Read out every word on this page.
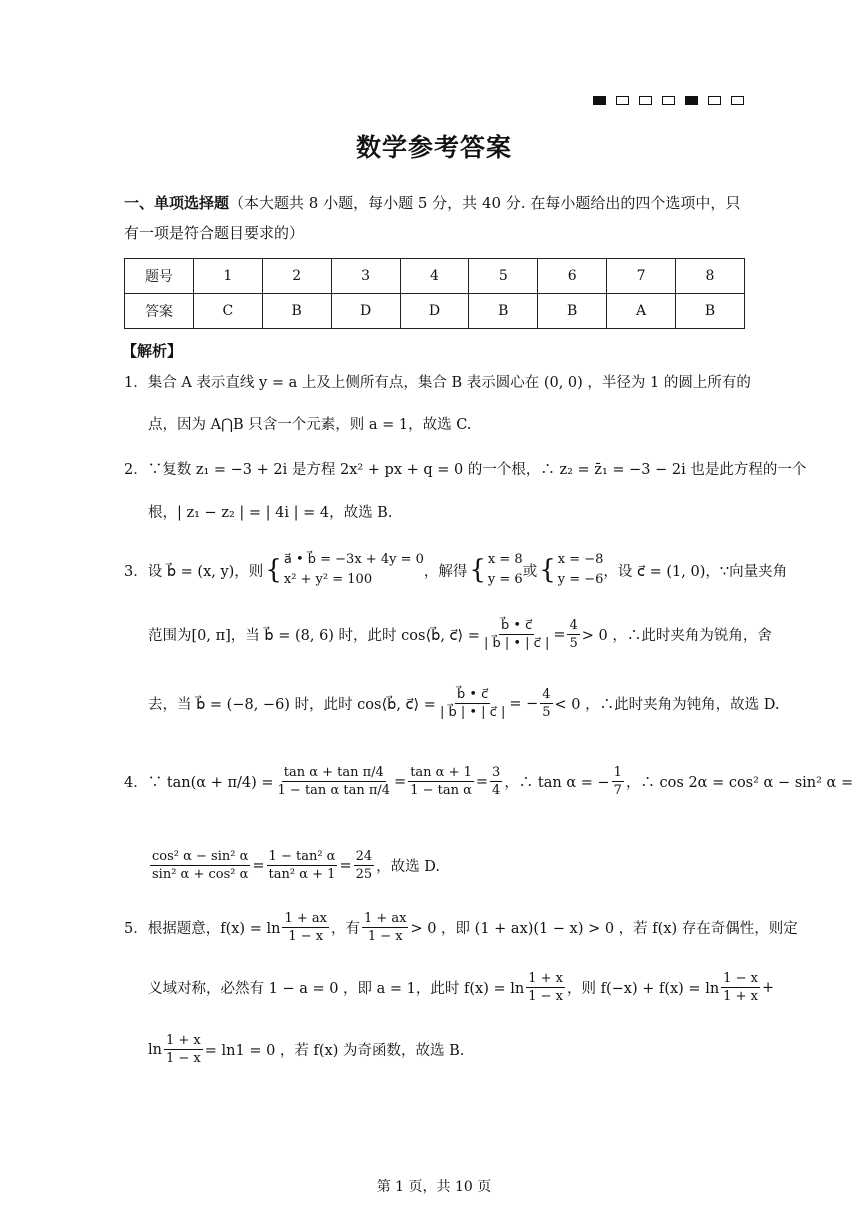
数学参考答案
一、单项选择题（本大题共 8 小题，每小题 5 分，共 40 分. 在每小题给出的四个选项中，只有一项是符合题目要求的）
题号	1	2	3	4	5	6	7	8
答案	C	B	D	D	B	B	A	B
【解析】
1．集合 A 表示直线 y = a 上及上侧所有点，集合 B 表示圆心在 (0, 0) ，半径为 1 的圆上所有的
点，因为 A⋂B 只含一个元素，则 a = 1，故选 C.
2．∵复数 z₁ = −3 + 2i 是方程 2x² + px + q = 0 的一个根，∴ z₂ = z̄₁ = −3 − 2i 也是此方程的一个
根，| z₁ − z₂ | = | 4i | = 4，故选 B.
3．设 b⃗ = (x, y)，则 { a⃗ • b⃗ = −3x + 4y = 0
x² + y² = 100	，解得 { x = 8
y = 6 或 { x = −8
y = −6 ，设 c⃗ = (1, 0)，∵向量夹角
范围为[0, π]，当 b⃗ = (8, 6) 时，此时 cos⟨b⃗, c⃗⟩ = $\frac{b⃗ • c⃗}{| b⃗ | • | c⃗ |} = \frac{4}{5} > 0$ ，∴此时夹角为锐角，舍
去，当 b⃗ = (−8, −6) 时，此时 cos⟨b⃗, c⃗⟩ = $\frac{b⃗ • c⃗}{| b⃗ | • | c⃗ |}$ = − $\frac{4}{5} < 0$ ，∴此时夹角为钝角，故选 D.
4．∵ $\tan(\alpha + \pi/4) = \frac{\text{tan α + tan π/4}}{\text{1 − tan α tan π/4}} = \frac{\text{tan α + 1}}{\text{1 − tan α}} = \frac{3}{4}$ ，∴ tan α = − $\frac{1}{7}$ ，∴ cos 2α = cos² α − sin² α =
$\frac{\text{cos² α − sin² α}}{\text{sin² α + cos² α}} = \frac{\text{1 − tan² α}}{\text{tan² α + 1}} = \frac{24}{25}$ ，故选 D.
5．根据题意，$f(x) = \ln \frac{1 + ax}{1 - x}$ ，有 $\frac{1 + ax}{1 - x} > 0$ ，即 (1 + ax)(1 − x) > 0 ，若 f(x) 存在奇偶性，则定
义域对称，必然有 1 − a = 0 ，即 a = 1，此时 $f(x) = \ln \frac{1 + x}{1 - x}$ ，则 $f(-x) + f(x) = \ln \frac{1 - x}{1 + x}$ +
$\ln \frac{1 + x}{1 - x} = \ln 1 = 0$ ，若 f(x) 为奇函数，故选 B.
第 1 页，共 10 页
